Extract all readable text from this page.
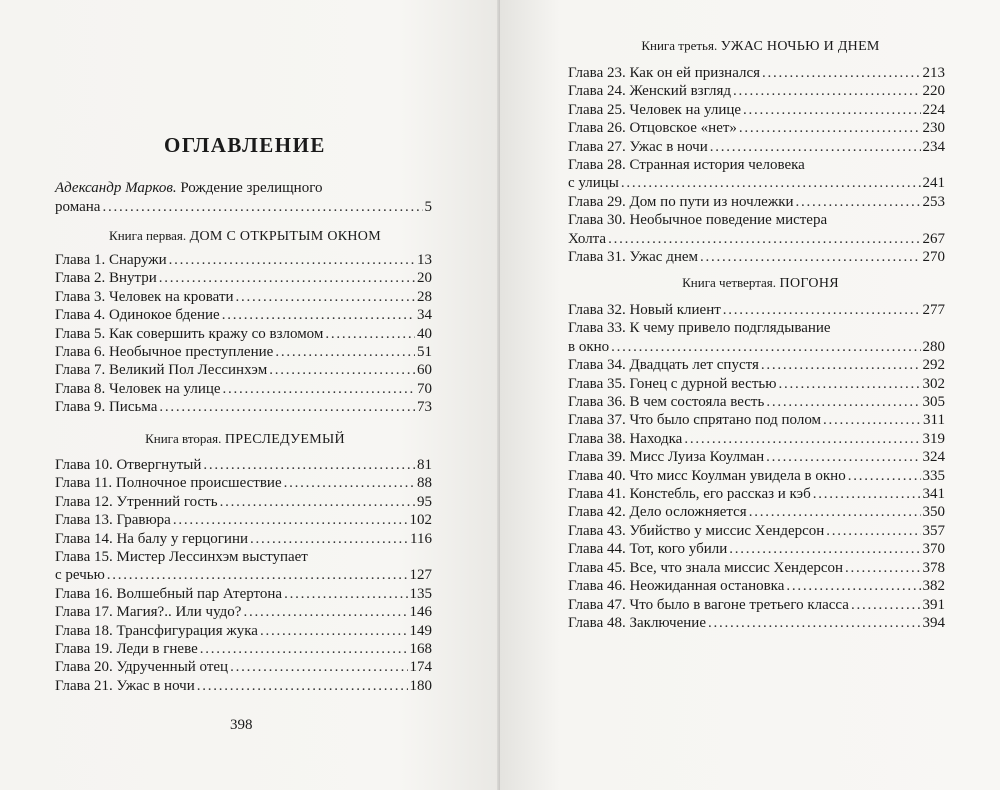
ОГЛАВЛЕНИЕ
Адександр Марков. Рождение зрелищного
романа . . .	5
Книга первая. ДОМ С ОТКРЫТЫМ ОКНОМ
Глава 1. Снаружи . . .	13
Глава 2. Внутри . . .	20
Глава 3. Человек на кровати . . .	28
Глава 4. Одинокое бдение . . .	34
Глава 5. Как совершить кражу со взломом . . .	40
Глава 6. Необычное преступление . . .	51
Глава 7. Великий Пол Лессинхэм . . .	60
Глава 8. Человек на улице . . .	70
Глава 9. Письма . . .	73
Книга вторая. ПРЕСЛЕДУЕМЫЙ
Глава 10. Отвергнутый . . .	81
Глава 11. Полночное происшествие . . .	88
Глава 12. Утренний гость . . .	95
Глава 13. Гравюра . . .	102
Глава 14. На балу у герцогини . . .	116
Глава 15. Мистер Лессинхэм выступает
с речью . . .	127
Глава 16. Волшебный пар Атертона . . .	135
Глава 17. Магия?.. Или чудо? . . .	146
Глава 18. Трансфигурация жука . . .	149
Глава 19. Леди в гневе . . .	168
Глава 20. Удрученный отец . . .	174
Глава 21. Ужас в ночи . . .	180
398
Книга третья. УЖАС НОЧЬЮ И ДНЕМ
Глава 23. Как он ей признался . . .	213
Глава 24. Женский взгляд . . .	220
Глава 25. Человек на улице . . .	224
Глава 26. Отцовское «нет» . . .	230
Глава 27. Ужас в ночи . . .	234
Глава 28. Странная история человека
с улицы . . .	241
Глава 29. Дом по пути из ночлежки . . .	253
Глава 30. Необычное поведение мистера
Холта . . .	267
Глава 31. Ужас днем . . .	270
Книга четвертая. ПОГОНЯ
Глава 32. Новый клиент . . .	277
Глава 33. К чему привело подглядывание
в окно . . .	280
Глава 34. Двадцать лет спустя . . .	292
Глава 35. Гонец с дурной вестью . . .	302
Глава 36. В чем состояла весть . . .	305
Глава 37. Что было спрятано под полом . . .	311
Глава 38. Находка . . .	319
Глава 39. Мисс Луиза Коулман . . .	324
Глава 40. Что мисс Коулман увидела в окно . . .	335
Глава 41. Констебль, его рассказ и кэб . . .	341
Глава 42. Дело осложняется . . .	350
Глава 43. Убийство у миссис Хендерсон . . .	357
Глава 44. Тот, кого убили . . .	370
Глава 45. Все, что знала миссис Хендерсон . . .	378
Глава 46. Неожиданная остановка . . .	382
Глава 47. Что было в вагоне третьего класса . . .	391
Глава 48. Заключение . . .	394
